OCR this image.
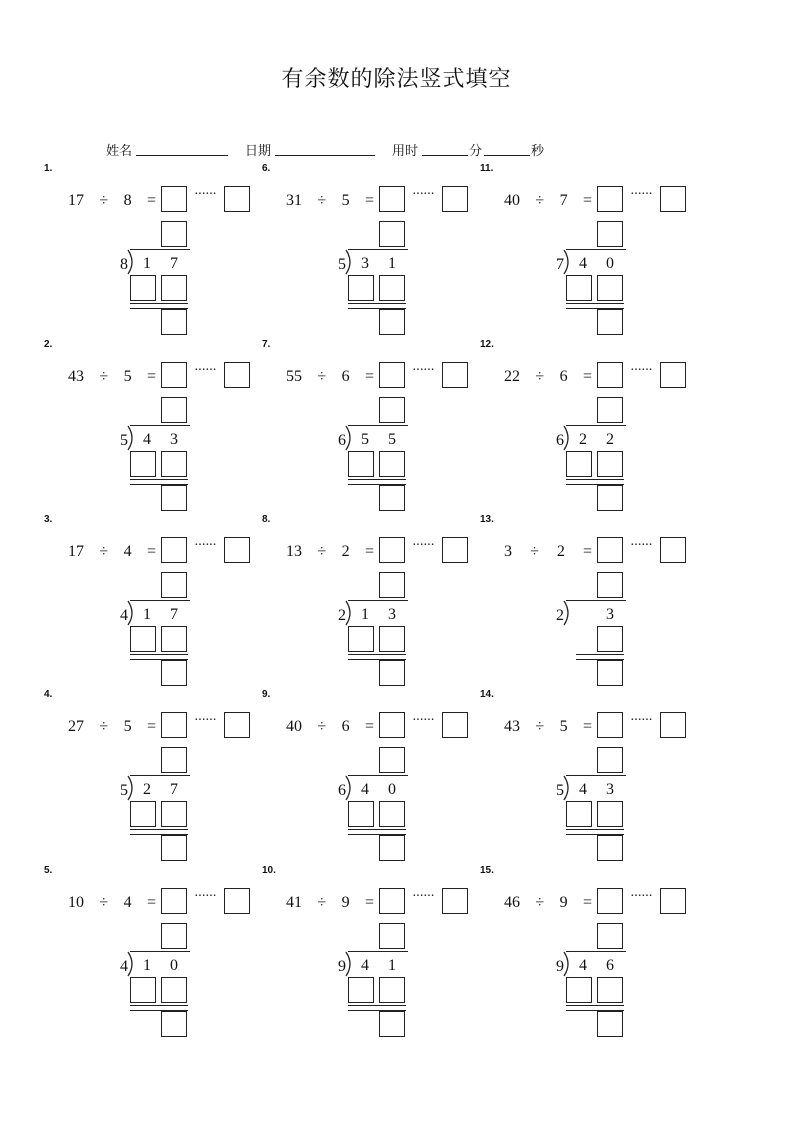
有余数的除法竖式填空
姓名	日期	用时	分	秒
1.
17 ÷ 8 =	······
8 1	7
2.
43 ÷ 5 =	······
5 4	3
3.
17 ÷ 4 =	······
4 1	7
4.
27 ÷ 5 =	······
5 2	7
5.
10 ÷ 4 =	······
4 1	0
6.
31 ÷ 5 =	······
5 3	1
7.
55 ÷ 6 =	······
6 5	5
8.
13 ÷ 2 =	······
2 1	3
9.
40 ÷ 6 =	······
6 4	0
10.
41 ÷ 9 =	······
9 4	1
11.
40 ÷ 7 =	······
7 4	0
12.
22 ÷ 6 =	······
6 2	2
13.
3 ÷ 2 =	······
2	3
14.
43 ÷ 5 =	······
5 4	3
15.
46 ÷ 9 =	······
9 4	6
